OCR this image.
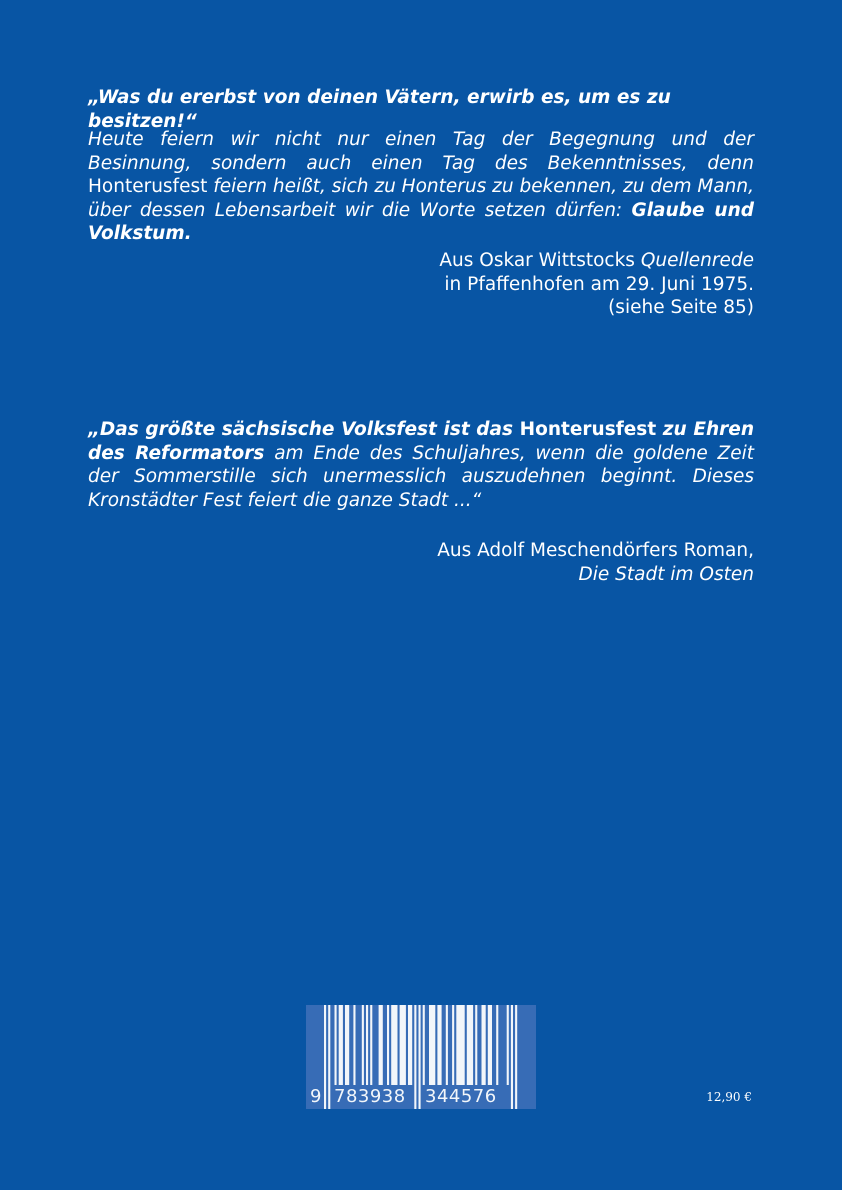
„Was du ererbst von deinen Vätern, erwirb es, um es zu besitzen!“
Heute feiern wir nicht nur einen Tag der Begegnung und der Besinnung, sondern auch einen Tag des Bekenntnisses, denn Honterusfest feiern heißt, sich zu Honterus zu bekennen, zu dem Mann, über dessen Lebensarbeit wir die Worte setzen dürfen: Glaube und Volkstum.
Aus Oskar Wittstocks Quellenrede
in Pfaffenhofen am 29. Juni 1975.
(siehe Seite 85)
„Das größte sächsische Volksfest ist das Honterusfest zu Ehren des Reformators am Ende des Schuljahres, wenn die goldene Zeit der Sommerstille sich unermesslich auszudehnen beginnt. Dieses Kronstädter Fest feiert die ganze Stadt ...“
Aus Adolf Meschendörfers Roman,
Die Stadt im Osten
9 783938 344576	12,90 €
